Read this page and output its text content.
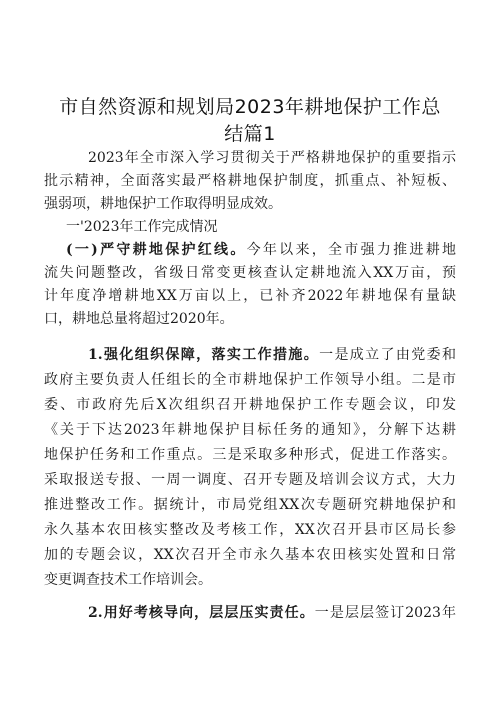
市自然资源和规划局2023年耕地保护工作总
结篇1
2023年全市深入学习贯彻关于严格耕地保护的重要指示
批示精神，全面落实最严格耕地保护制度，抓重点、补短板、
强弱项，耕地保护工作取得明显成效。
一'2023年工作完成情况
(一)严守耕地保护红线。今年以来，全市强力推进耕地
流失问题整改，省级日常变更核查认定耕地流入XX万亩，预
计年度净增耕地XX万亩以上，已补齐2022年耕地保有量缺
口，耕地总量将超过2020年。
1.强化组织保障，落实工作措施。一是成立了由党委和
政府主要负责人任组长的全市耕地保护工作领导小组。二是市
委、市政府先后X次组织召开耕地保护工作专题会议，印发
《关于下达2023年耕地保护目标任务的通知》，分解下达耕
地保护任务和工作重点。三是采取多种形式，促进工作落实。
采取报送专报、一周一调度、召开专题及培训会议方式，大力
推进整改工作。据统计，市局党组XX次专题研究耕地保护和
永久基本农田核实整改及考核工作，XX次召开县市区局长参
加的专题会议，XX次召开全市永久基本农田核实处置和日常
变更调查技术工作培训会。
2.用好考核导向，层层压实责任。一是层层签订2023年
